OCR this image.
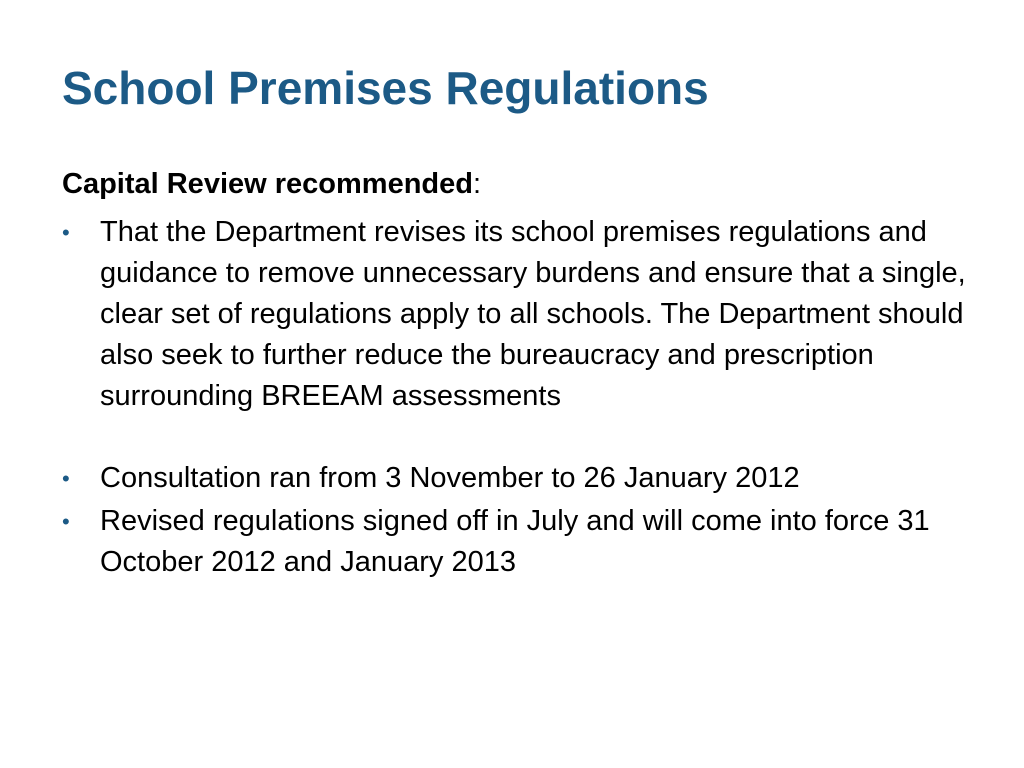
School Premises Regulations

Capital Review recommended:

•	That the Department revises its school premises regulations and guidance to remove unnecessary burdens and ensure that a single, clear set of regulations apply to all schools. The Department should also seek to further reduce the bureaucracy and prescription surrounding BREEAM assessments
•	Consultation ran from 3 November to 26 January 2012
•	Revised regulations signed off in July and will come into force 31 October 2012 and January 2013
